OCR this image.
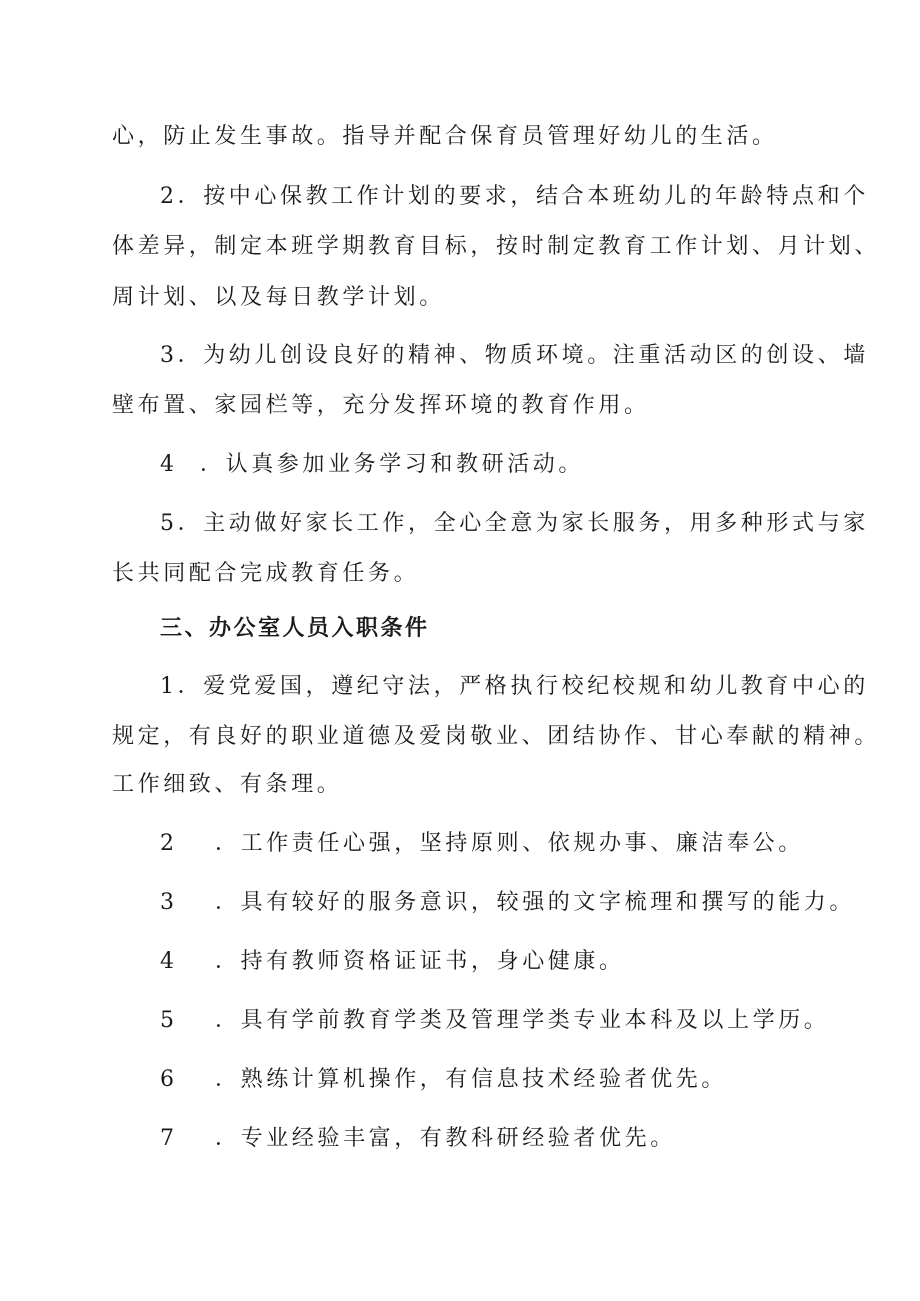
心，防止发生事故。指导并配合保育员管理好幼儿的生活。
2．按中心保教工作计划的要求，结合本班幼儿的年龄特点和个
体差异，制定本班学期教育目标，按时制定教育工作计划、月计划、
周计划、以及每日教学计划。
3．为幼儿创设良好的精神、物质环境。注重活动区的创设、墙
壁布置、家园栏等，充分发挥环境的教育作用。
4 ．认真参加业务学习和教研活动。
5．主动做好家长工作，全心全意为家长服务，用多种形式与家
长共同配合完成教育任务。
三、办公室人员入职条件
1．爱党爱国，遵纪守法，严格执行校纪校规和幼儿教育中心的
规定，有良好的职业道德及爱岗敬业、团结协作、甘心奉献的精神。
工作细致、有条理。
2 ．工作责任心强，坚持原则、依规办事、廉洁奉公。
3 ．具有较好的服务意识，较强的文字梳理和撰写的能力。
4 ．持有教师资格证证书，身心健康。
5 ．具有学前教育学类及管理学类专业本科及以上学历。
6 ．熟练计算机操作，有信息技术经验者优先。
7 ．专业经验丰富，有教科研经验者优先。
